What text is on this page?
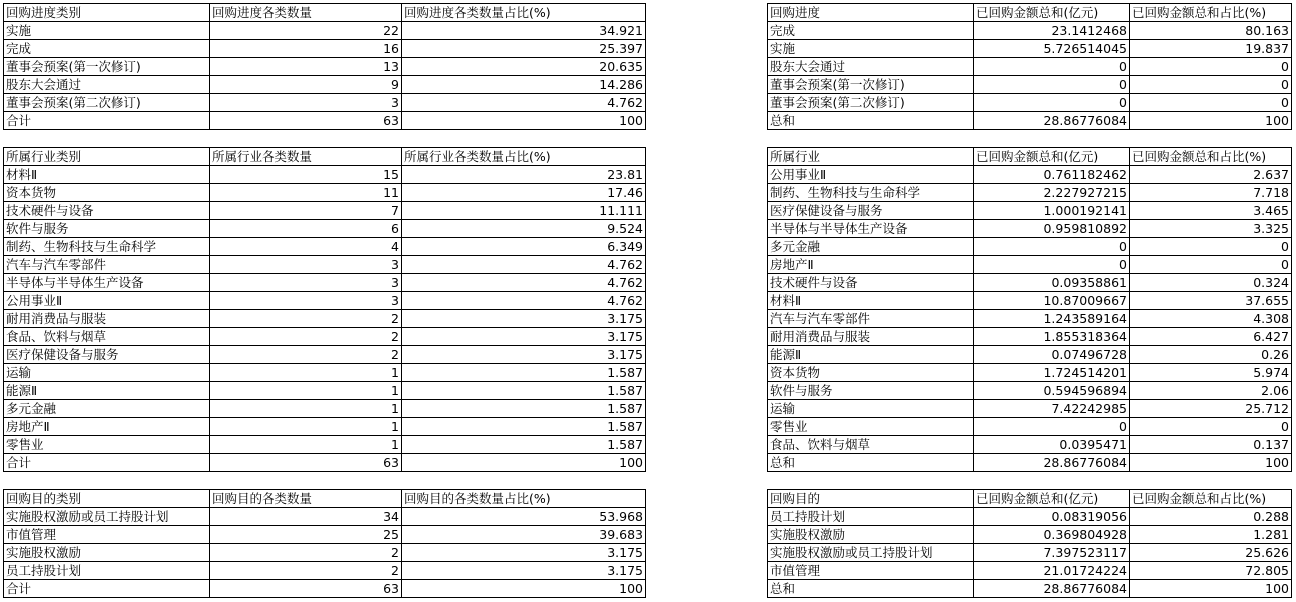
回购进度类别	回购进度各类数量	回购进度各类数量占比(%)
实施	22	34.921
完成	16	25.397
董事会预案(第一次修订)	13	20.635
股东大会通过	9	14.286
董事会预案(第二次修订)	3	4.762
合计	63	100
所属行业类别	所属行业各类数量	所属行业各类数量占比(%)
材料Ⅱ	15	23.81
资本货物	11	17.46
技术硬件与设备	7	11.111
软件与服务	6	9.524
制药、生物科技与生命科学	4	6.349
汽车与汽车零部件	3	4.762
半导体与半导体生产设备	3	4.762
公用事业Ⅱ	3	4.762
耐用消费品与服装	2	3.175
食品、饮料与烟草	2	3.175
医疗保健设备与服务	2	3.175
运输	1	1.587
能源Ⅱ	1	1.587
多元金融	1	1.587
房地产Ⅱ	1	1.587
零售业	1	1.587
合计	63	100
回购目的类别	回购目的各类数量	回购目的各类数量占比(%)
实施股权激励或员工持股计划	34	53.968
市值管理	25	39.683
实施股权激励	2	3.175
员工持股计划	2	3.175
合计	63	100
回购进度	已回购金额总和(亿元)	已回购金额总和占比(%)
完成	23.1412468	80.163
实施	5.726514045	19.837
股东大会通过	0	0
董事会预案(第一次修订)	0	0
董事会预案(第二次修订)	0	0
总和	28.86776084	100
所属行业	已回购金额总和(亿元)	已回购金额总和占比(%)
公用事业Ⅱ	0.761182462	2.637
制药、生物科技与生命科学	2.227927215	7.718
医疗保健设备与服务	1.000192141	3.465
半导体与半导体生产设备	0.959810892	3.325
多元金融	0	0
房地产Ⅱ	0	0
技术硬件与设备	0.09358861	0.324
材料Ⅱ	10.87009667	37.655
汽车与汽车零部件	1.243589164	4.308
耐用消费品与服装	1.855318364	6.427
能源Ⅱ	0.07496728	0.26
资本货物	1.724514201	5.974
软件与服务	0.594596894	2.06
运输	7.42242985	25.712
零售业	0	0
食品、饮料与烟草	0.0395471	0.137
总和	28.86776084	100
回购目的	已回购金额总和(亿元)	已回购金额总和占比(%)
员工持股计划	0.08319056	0.288
实施股权激励	0.369804928	1.281
实施股权激励或员工持股计划	7.397523117	25.626
市值管理	21.01724224	72.805
总和	28.86776084	100
